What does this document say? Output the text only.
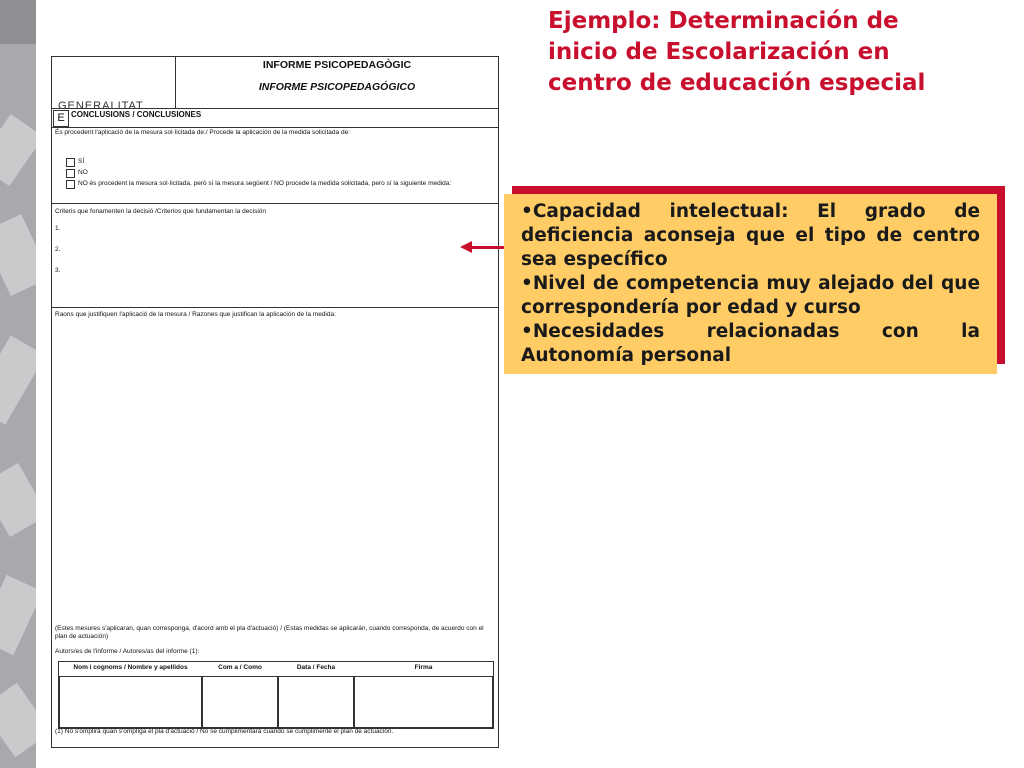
Ejemplo: Determinación de
inicio de Escolarización en
centro de educación especial
GENERALITAT
INFORME PSICOPEDAGÒGIC
INFORME PSICOPEDAGÓGICO
E CONCLUSIONS / CONCLUSIONES
És procedent l'aplicació de la mesura sol·licitada de:/ Procede la aplicación de la medida solicitada de:
SÍ
NO
NO és procedent la mesura sol·licitada, però sí la mesura següent / NO procede la medida solicitada, pero sí la siguiente medida:
Criteris que fonamenten la decisió /Criterios que fundamentan la decisión
1.
2.
3.
Raons que justifiquen l'aplicació de la mesura / Razones que justifican la aplicación de la medida:
(Estes mesures s'aplicaran, quan corresponga, d'acord amb el pla d'actuació) / (Estas medidas se aplicarán, cuando corresponda, de acuerdo con el plan de actuación)
Autors/es de l'informe / Autores/as del informe (1):
Nom i cognoms / Nombre y apellidos	Com a / Como	Data / Fecha	Firma
(1) No s'omplirà quan s'omplíga el pla d'actuació / No se cumplimentará cuando se cumplimente el plan de actuación.
• Capacidad intelectual: El grado de deficiencia aconseja que el tipo de centro sea específico
• Nivel de competencia muy alejado del que correspondería por edad y curso
• Necesidades relacionadas con la Autonomía personal
